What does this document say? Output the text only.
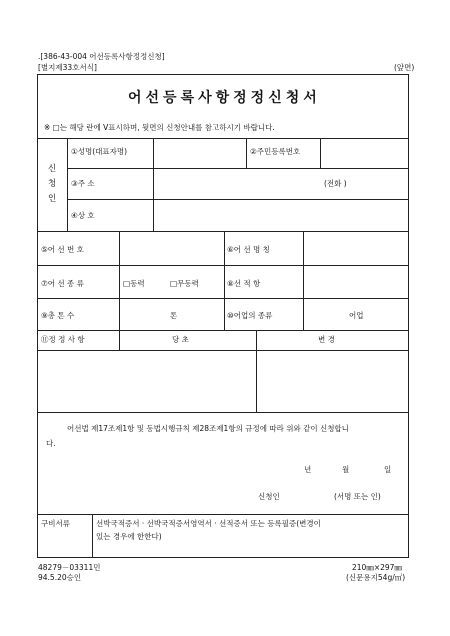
.[386-43-004 어선등록사항정정신청]
[별지제33호서식]	(앞면)
어선등록사항정정신청서
※ □는 해당 란에 V표시하며, 뒷면의 신청안내를 참고하시기 바랍니다.
신
청
인
①성명(대표자명)	②주민등록번호
③주 소	(전화 )
④상 호
⑤어 선 번 호	⑥어 선 명 칭
⑦어 선 종 류	□동력	□무동력	⑧선 적 항
⑨총 톤 수	톤	⑩어업의 종류	어업
⑪정 정 사 항	당 초	변 경
어선법 제17조제1항 및 동법시행규칙 제28조제1항의 규정에 따라 위와 같이 신청합니
다.
년	월	일
신청인	(서명 또는 인)
구비서류	선박국적증서 · 선박국적증서영역서 · 선적증서 또는 등록필증(변경이
있는 경우에 한한다)
48279－03311민
94.5.20승인
210㎜×297㎜
(신문용지54g/㎡)
